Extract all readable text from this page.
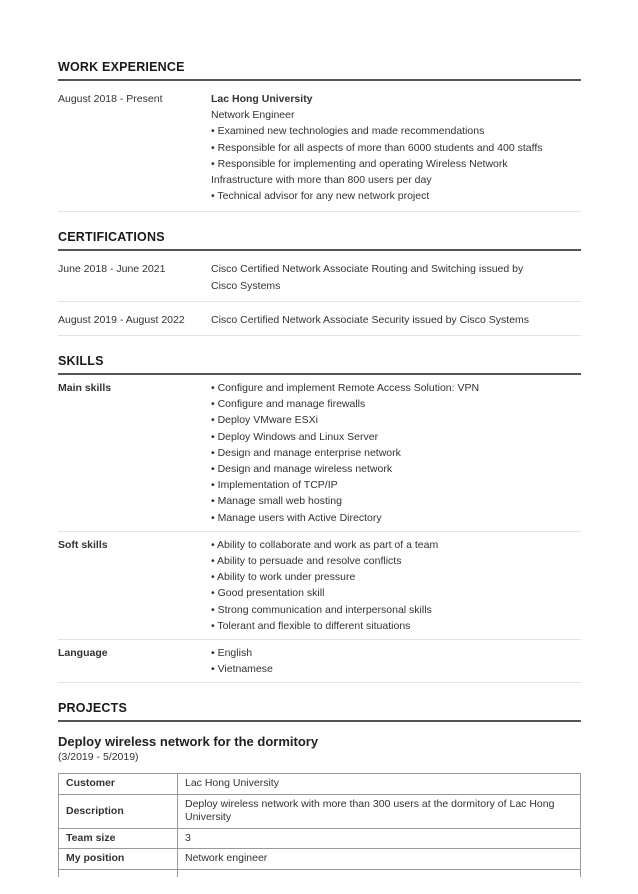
WORK EXPERIENCE
August 2018 - Present	Lac Hong University
Network Engineer
• Examined new technologies and made recommendations
• Responsible for all aspects of more than 6000 students and 400 staffs
• Responsible for implementing and operating Wireless Network Infrastructure with more than 800 users per day
• Technical advisor for any new network project
CERTIFICATIONS
June 2018 - June 2021	Cisco Certified Network Associate Routing and Switching issued by Cisco Systems
August 2019 - August 2022	Cisco Certified Network Associate Security issued by Cisco Systems
SKILLS
Main skills	• Configure and implement Remote Access Solution: VPN
• Configure and manage firewalls
• Deploy VMware ESXi
• Deploy Windows and Linux Server
• Design and manage enterprise network
• Design and manage wireless network
• Implementation of TCP/IP
• Manage small web hosting
• Manage users with Active Directory
Soft skills	• Ability to collaborate and work as part of a team
• Ability to persuade and resolve conflicts
• Ability to work under pressure
• Good presentation skill
• Strong communication and interpersonal skills
• Tolerant and flexible to different situations
Language	• English
• Vietnamese
PROJECTS
Deploy wireless network for the dormitory
(3/2019 - 5/2019)
Customer	Lac Hong University
Description	Deploy wireless network with more than 300 users at the dormitory of Lac Hong University
Team size	3
My position	Network engineer
